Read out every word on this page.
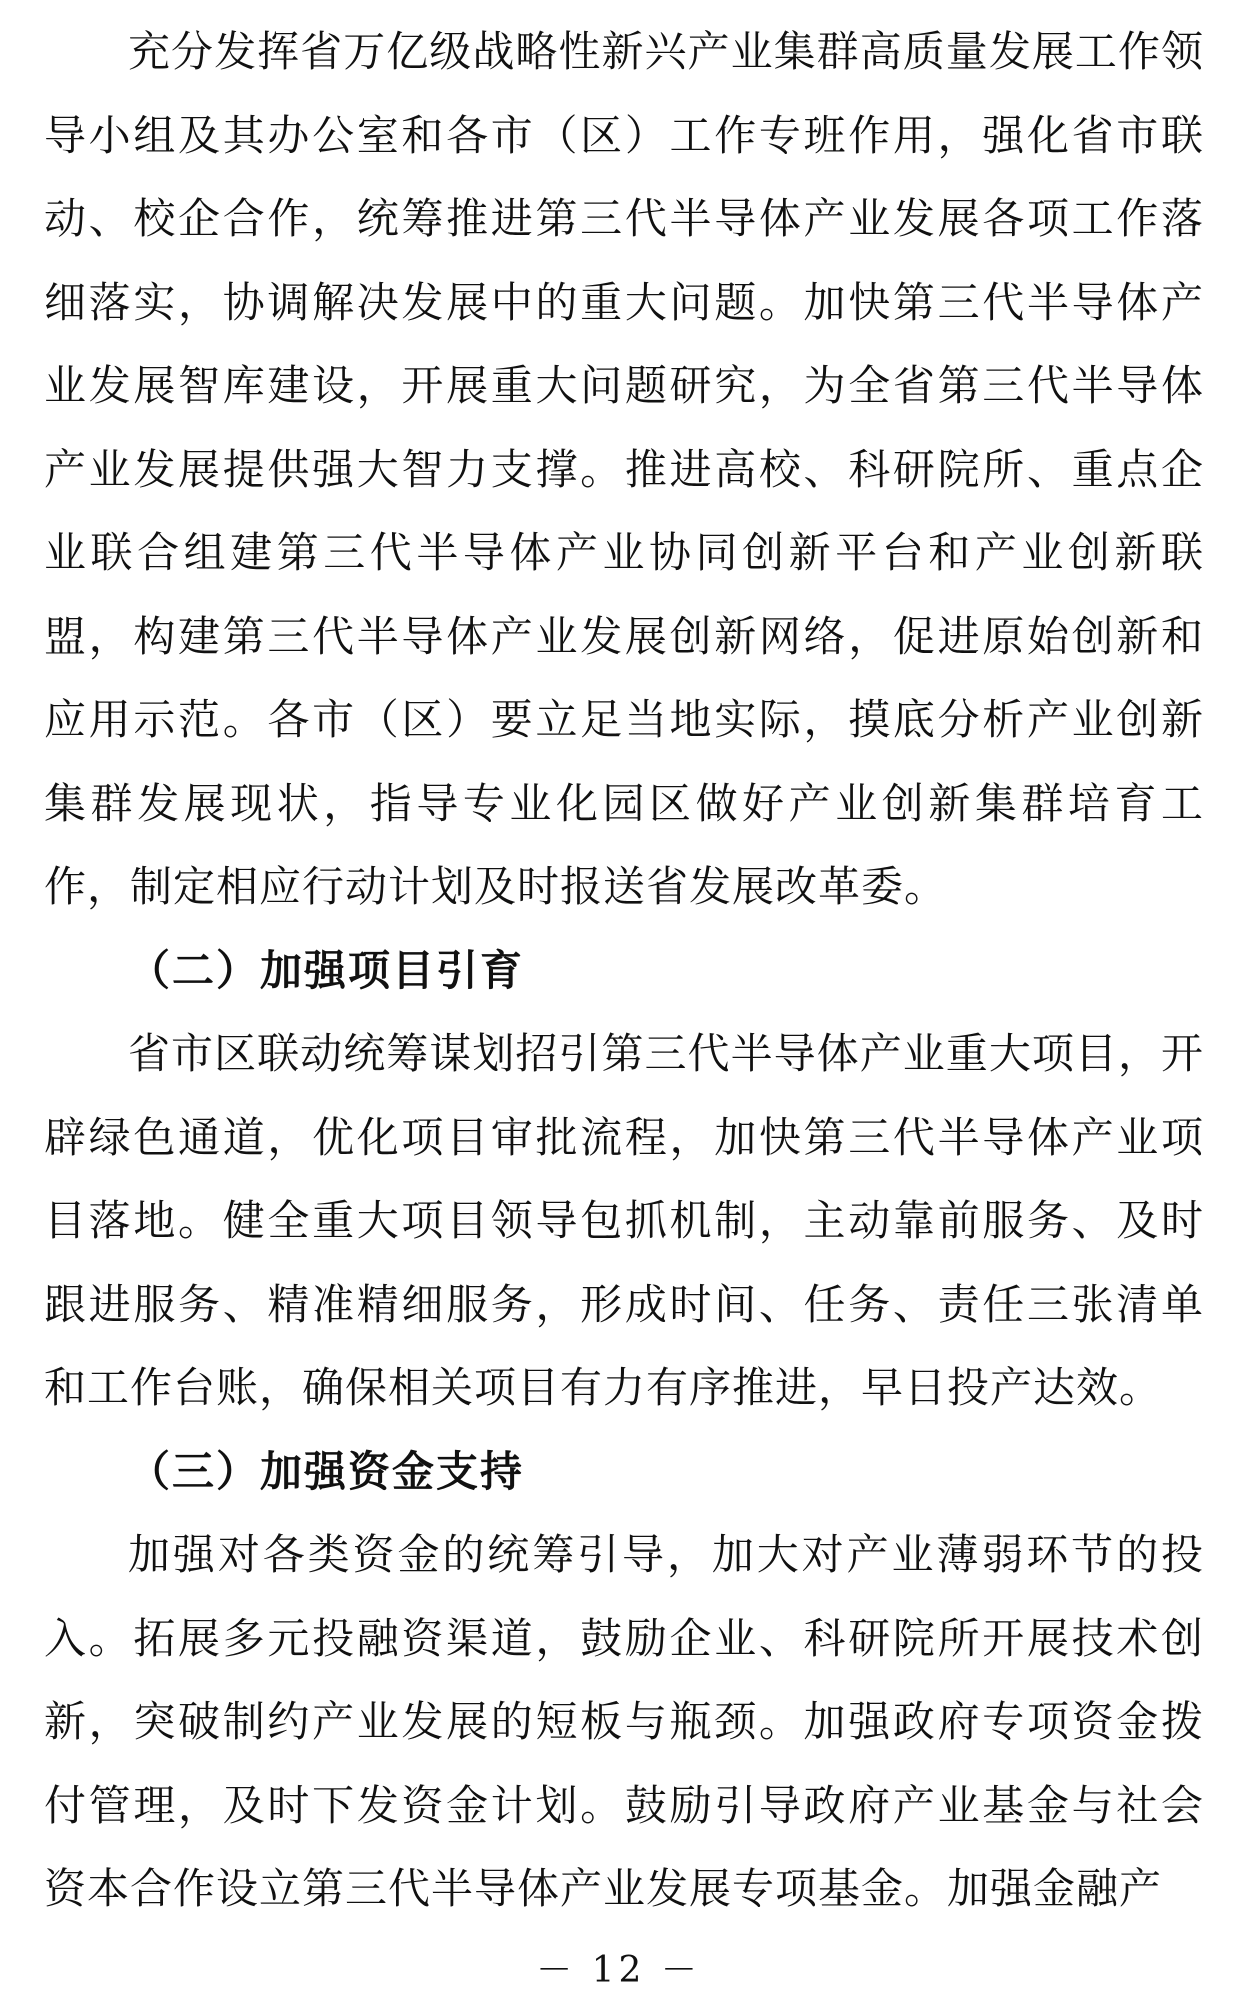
充分发挥省万亿级战略性新兴产业集群高质量发展工作领导小组及其办公室和各市（区）工作专班作用，强化省市联动、校企合作，统筹推进第三代半导体产业发展各项工作落细落实，协调解决发展中的重大问题。加快第三代半导体产业发展智库建设，开展重大问题研究，为全省第三代半导体产业发展提供强大智力支撑。推进高校、科研院所、重点企业联合组建第三代半导体产业协同创新平台和产业创新联盟，构建第三代半导体产业发展创新网络，促进原始创新和应用示范。各市（区）要立足当地实际，摸底分析产业创新集群发展现状，指导专业化园区做好产业创新集群培育工作，制定相应行动计划及时报送省发展改革委。

（二）加强项目引育

省市区联动统筹谋划招引第三代半导体产业重大项目，开辟绿色通道，优化项目审批流程，加快第三代半导体产业项目落地。健全重大项目领导包抓机制，主动靠前服务、及时跟进服务、精准精细服务，形成时间、任务、责任三张清单和工作台账，确保相关项目有力有序推进，早日投产达效。

（三）加强资金支持

加强对各类资金的统筹引导，加大对产业薄弱环节的投入。拓展多元投融资渠道，鼓励企业、科研院所开展技术创新，突破制约产业发展的短板与瓶颈。加强政府专项资金拨付管理，及时下发资金计划。鼓励引导政府产业基金与社会资本合作设立第三代半导体产业发展专项基金。加强金融产

－ 12 －
